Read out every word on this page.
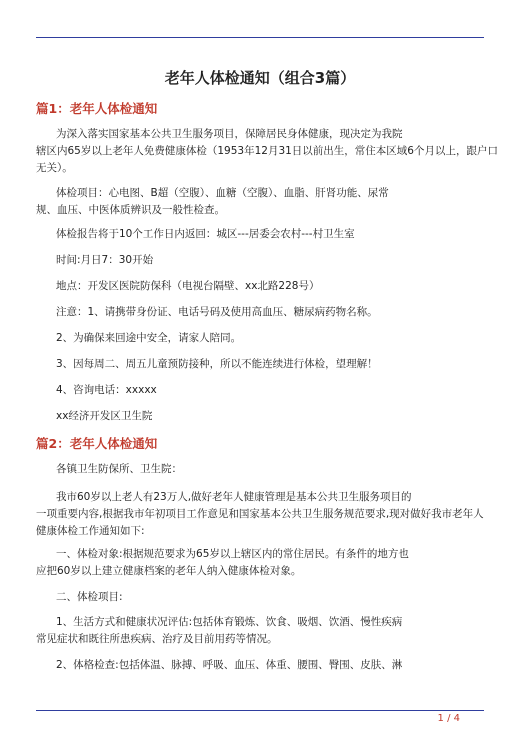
老年人体检通知（组合3篇）
篇1：老年人体检通知
为深入落实国家基本公共卫生服务项目，保障居民身体健康，现决定为我院
辖区内65岁以上老年人免费健康体检（1953年12月31日以前出生，常住本区域6个月以上，跟户口
无关）。
体检项目：心电图、B超（空腹）、血糖（空腹）、血脂、肝肾功能、尿常
规、血压、中医体质辨识及一般性检查。
体检报告将于10个工作日内返回：城区---居委会农村---村卫生室
时间:月日7：30开始
地点：开发区医院防保科（电视台隔壁、xx北路228号）
注意：1、请携带身份证、电话号码及使用高血压、糖尿病药物名称。
2、为确保来回途中安全，请家人陪同。
3、因每周二、周五儿童预防接种，所以不能连续进行体检，望理解！
4、咨询电话：xxxxx
xx经济开发区卫生院
篇2：老年人体检通知
各镇卫生防保所、卫生院：
我市60岁以上老人有23万人,做好老年人健康管理是基本公共卫生服务项目的
一项重要内容,根据我市年初项目工作意见和国家基本公共卫生服务规范要求,现对做好我市老年人
健康体检工作通知如下:
一、体检对象:根据规范要求为65岁以上辖区内的常住居民。有条件的地方也
应把60岁以上建立健康档案的老年人纳入健康体检对象。
二、体检项目:
1、生活方式和健康状况评估:包括体育锻炼、饮食、吸烟、饮酒、慢性疾病
常见症状和既往所患疾病、治疗及目前用药等情况。
2、体格检查:包括体温、脉搏、呼吸、血压、体重、腰围、臀围、皮肤、淋
1 / 4
